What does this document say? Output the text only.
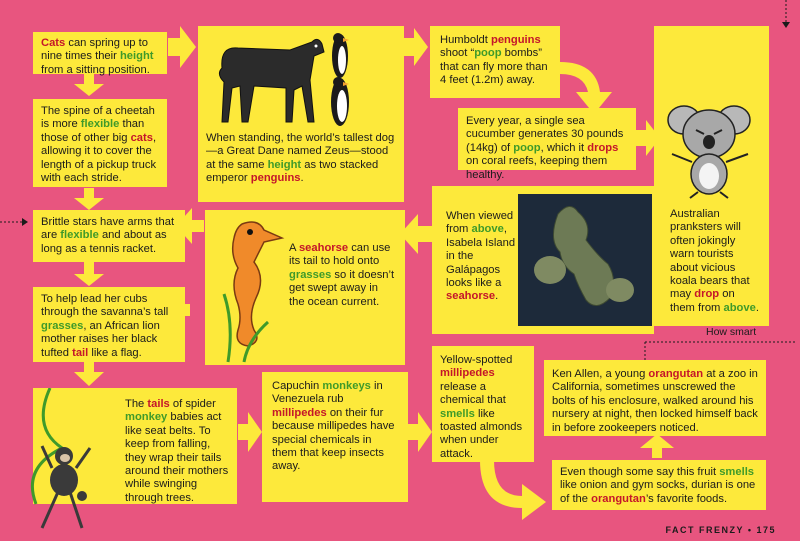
Cats can spring up to nine times their height from a sitting position.

The spine of a cheetah is more flexible than those of other big cats, allowing it to cover the length of a pickup truck with each stride.

Brittle stars have arms that are flexible and about as long as a tennis racket.

To help lead her cubs through the savanna’s tall grasses, an African lion mother raises her black tufted tail like a flag.

When standing, the world’s tallest dog—a Great Dane named Zeus—stood at the same height as two stacked emperor penguins.

Humboldt penguins shoot “poop bombs” that can fly more than 4 feet (1.2m) away.

Every year, a single sea cucumber generates 30 pounds (14kg) of poop, which it drops on coral reefs, keeping them healthy.

Australian pranksters will often jokingly warn tourists about vicious koala bears that may drop on them from above.

When viewed from above, Isabela Island in the Galápagos looks like a seahorse.

A seahorse can use its tail to hold onto grasses so it doesn’t get swept away in the ocean current.

The tails of spider monkey babies act like seat belts. To keep from falling, they wrap their tails around their mothers while swinging through trees.

Capuchin monkeys in Venezuela rub millipedes on their fur because millipedes have special chemicals in them that keep insects away.

Yellow-spotted millipedes release a chemical that smells like toasted almonds when under attack.

Ken Allen, a young orangutan at a zoo in California, sometimes unscrewed the bolts of his enclosure, walked around his nursery at night, then locked himself back in before zookeepers noticed.

Even though some say this fruit smells like onion and gym socks, durian is one of the orangutan’s favorite foods.

How smart
FACT FRENZY • 175
